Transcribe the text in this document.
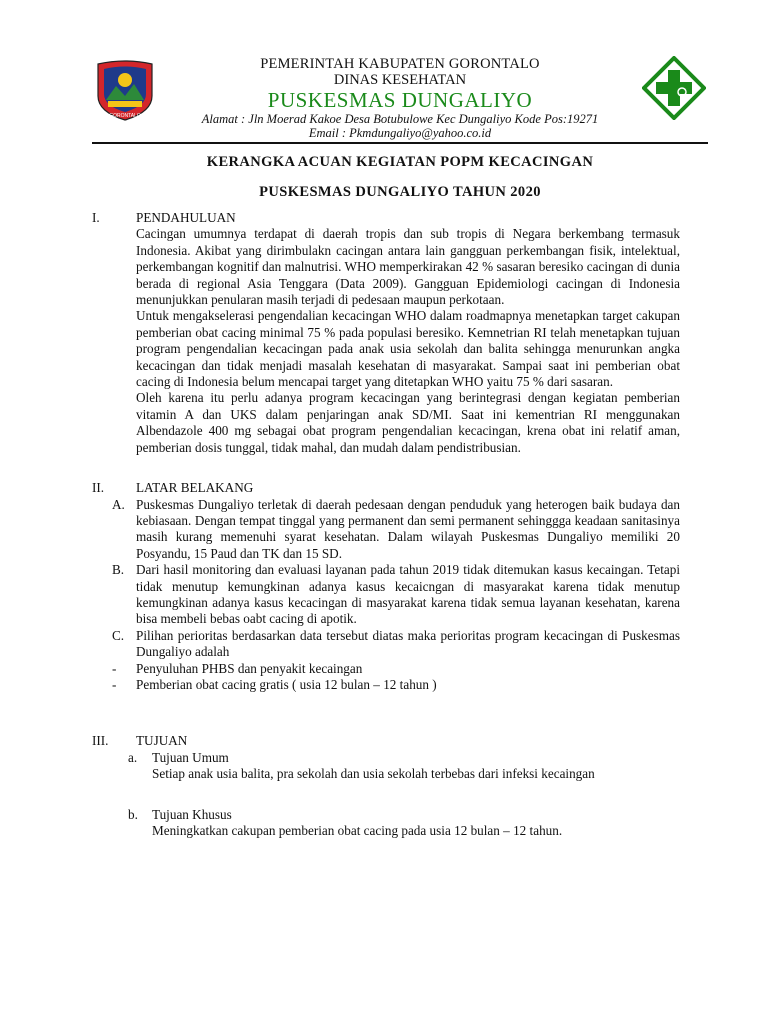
GORONTALO
PEMERINTAH KABUPATEN GORONTALO
DINAS KESEHATAN
PUSKESMAS DUNGALIYO
Alamat : Jln Moerad Kakoe Desa Botubulowe Kec Dungaliyo Kode Pos:19271
Email : Pkmdungaliyo@yahoo.co.id
KERANGKA ACUAN KEGIATAN POPM KECACINGAN
PUSKESMAS DUNGALIYO TAHUN 2020
I.	PENDAHULUAN
Cacingan umumnya terdapat di daerah tropis dan sub tropis di Negara berkembang termasuk Indonesia. Akibat yang dirimbulakn cacingan antara lain gangguan perkembangan fisik, intelektual, perkembangan kognitif dan malnutrisi. WHO memperkirakan 42 % sasaran beresiko cacingan di dunia berada di regional Asia Tenggara (Data 2009). Gangguan Epidemiologi cacingan di Indonesia menunjukkan penularan masih terjadi di pedesaan maupun perkotaan.
Untuk mengakselerasi pengendalian kecacingan WHO dalam roadmapnya menetapkan target cakupan pemberian obat cacing minimal 75 % pada populasi beresiko. Kemnetrian RI telah menetapkan tujuan program pengendalian kecacingan pada anak usia sekolah dan balita sehingga menurunkan angka kecacingan dan tidak menjadi masalah kesehatan di masyarakat. Sampai saat ini pemberian obat cacing di Indonesia belum mencapai target yang ditetapkan WHO yaitu 75 % dari sasaran.
Oleh karena itu perlu adanya program kecacingan yang berintegrasi dengan kegiatan pemberian vitamin A dan UKS dalam penjaringan anak SD/MI. Saat ini kementrian RI menggunakan Albendazole 400 mg sebagai obat program pengendalian kecacingan, krena obat ini relatif aman, pemberian dosis tunggal, tidak mahal, dan mudah dalam pendistribusian.
II.	LATAR BELAKANG
A. Puskesmas Dungaliyo terletak di daerah pedesaan dengan penduduk yang heterogen baik budaya dan kebiasaan. Dengan tempat tinggal yang permanent dan semi permanent sehinggga keadaan sanitasinya masih kurang memenuhi syarat kesehatan. Dalam wilayah Puskesmas Dungaliyo memiliki 20 Posyandu, 15 Paud dan TK dan 15 SD.
B. Dari hasil monitoring dan evaluasi layanan pada tahun 2019 tidak ditemukan kasus kecaingan. Tetapi tidak menutup kemungkinan adanya kasus kecaicngan di masyarakat karena tidak menutup kemungkinan adanya kasus kecacingan di masyarakat karena tidak semua layanan kesehatan, karena bisa membeli bebas oabt cacing di apotik.
C. Pilihan perioritas berdasarkan data tersebut diatas maka perioritas program kecacingan di Puskesmas Dungaliyo adalah
-	Penyuluhan PHBS dan penyakit kecaingan
-	Pemberian obat cacing gratis ( usia 12 bulan – 12 tahun )
III.	TUJUAN
a. Tujuan Umum
Setiap anak usia balita, pra sekolah dan usia sekolah terbebas dari infeksi kecaingan
b. Tujuan Khusus
Meningkatkan cakupan pemberian obat cacing pada usia 12 bulan – 12 tahun.
